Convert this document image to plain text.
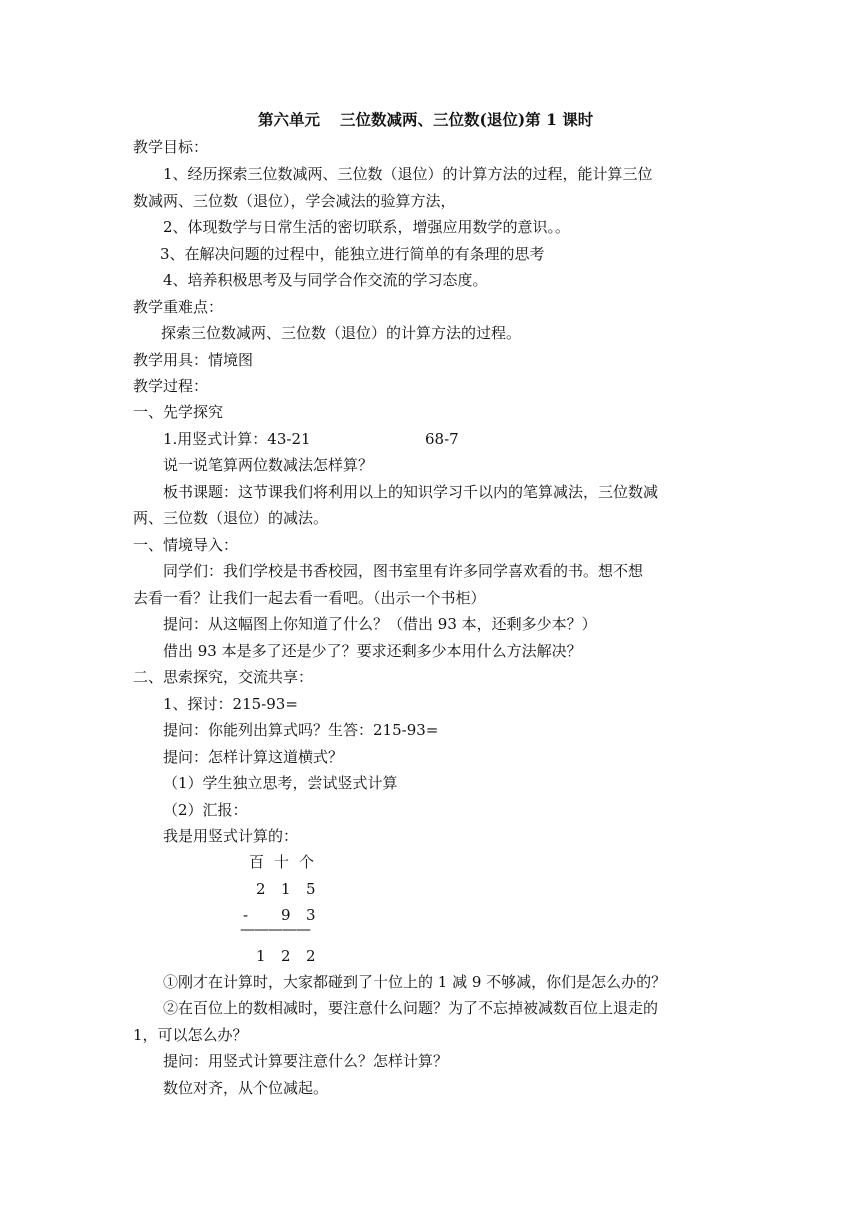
第六单元 三位数减两、三位数(退位)第 1 课时
教学目标：
1、经历探索三位数减两、三位数（退位）的计算方法的过程，能计算三位
数减两、三位数（退位），学会减法的验算方法，
2、体现数学与日常生活的密切联系，增强应用数学的意识。。
3、在解决问题的过程中，能独立进行简单的有条理的思考
4、培养积极思考及与同学合作交流的学习态度。
教学重难点：
探索三位数减两、三位数（退位）的计算方法的过程。
教学用具：情境图
教学过程：
一、先学探究
1.用竖式计算：43-21	68-7
说一说笔算两位数减法怎样算？
板书课题：这节课我们将利用以上的知识学习千以内的笔算减法，三位数减
两、三位数（退位）的减法。
一、情境导入：
同学们：我们学校是书香校园，图书室里有许多同学喜欢看的书。想不想
去看一看？让我们一起去看一看吧。（出示一个书柜）
提问：从这幅图上你知道了什么？（借出 93 本，还剩多少本？）
借出 93 本是多了还是少了？要求还剩多少本用什么方法解决？
二、思索探究，交流共享：
1、探讨：215-93=
提问：你能列出算式吗？生答：215-93=
提问：怎样计算这道横式？
（1）学生独立思考，尝试竖式计算
（2）汇报：
我是用竖式计算的：
百 十 个
2 1 5
- 9 3
—————
1 2 2
①刚才在计算时，大家都碰到了十位上的 1 减 9 不够减，你们是怎么办的？
②在百位上的数相减时，要注意什么问题？为了不忘掉被减数百位上退走的
1，可以怎么办？
提问：用竖式计算要注意什么？怎样计算？
数位对齐，从个位减起。
